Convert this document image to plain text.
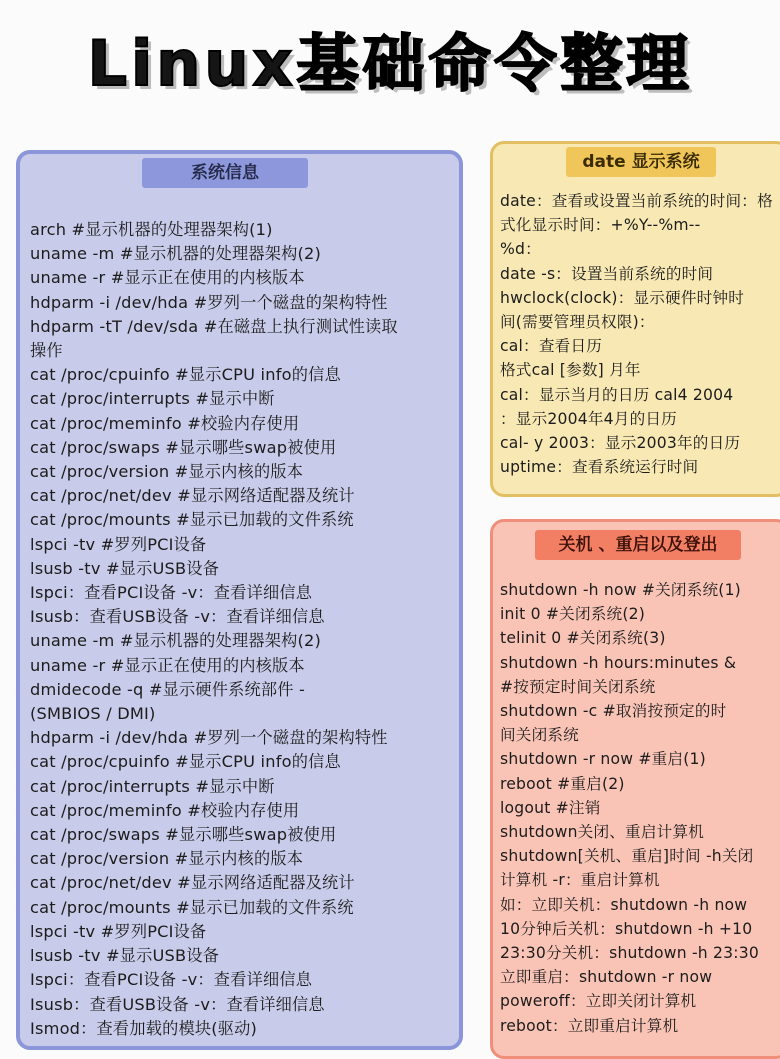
Linux基础命令整理
系统信息
arch #显示机器的处理器架构(1)
uname -m #显示机器的处理器架构(2)
uname -r #显示正在使用的内核版本
hdparm -i /dev/hda #罗列一个磁盘的架构特性
hdparm -tT /dev/sda #在磁盘上执行测试性读取
操作
cat /proc/cpuinfo #显示CPU info的信息
cat /proc/interrupts #显示中断
cat /proc/meminfo #校验内存使用
cat /proc/swaps #显示哪些swap被使用
cat /proc/version #显示内核的版本
cat /proc/net/dev #显示网络适配器及统计
cat /proc/mounts #显示已加载的文件系统
lspci -tv #罗列PCI设备
lsusb -tv #显示USB设备
Ispci：查看PCI设备 -v：查看详细信息
Isusb：查看USB设备 -v：查看详细信息
uname -m #显示机器的处理器架构(2)
uname -r #显示正在使用的内核版本
dmidecode -q #显示硬件系统部件 -
(SMBIOS / DMI)
hdparm -i /dev/hda #罗列一个磁盘的架构特性
cat /proc/cpuinfo #显示CPU info的信息
cat /proc/interrupts #显示中断
cat /proc/meminfo #校验内存使用
cat /proc/swaps #显示哪些swap被使用
cat /proc/version #显示内核的版本
cat /proc/net/dev #显示网络适配器及统计
cat /proc/mounts #显示已加载的文件系统
lspci -tv #罗列PCI设备
lsusb -tv #显示USB设备
Ispci：查看PCI设备 -v：查看详细信息
Isusb：查看USB设备 -v：查看详细信息
Ismod：查看加载的模块(驱动)
date 显示系统
date：查看或设置当前系统的时间：格
式化显示时间：+%Y--%m--
%d：
date -s：设置当前系统的时间
hwclock(clock)：显示硬件时钟时
间(需要管理员权限)：
cal：查看日历
格式cal [参数] 月年
cal：显示当月的日历 cal4 2004
：显示2004年4月的日历
cal- y 2003：显示2003年的日历
uptime：查看系统运行时间
关机 、重启以及登出
shutdown -h now #关闭系统(1)
init 0 #关闭系统(2)
telinit 0 #关闭系统(3)
shutdown -h hours:minutes &
#按预定时间关闭系统
shutdown -c #取消按预定的时
间关闭系统
shutdown -r now #重启(1)
reboot #重启(2)
logout #注销
shutdown关闭、重启计算机
shutdown[关机、重启]时间 -h关闭
计算机 -r：重启计算机
如：立即关机：shutdown -h now
10分钟后关机：shutdown -h +10
23:30分关机：shutdown -h 23:30
立即重启：shutdown -r now
poweroff：立即关闭计算机
reboot：立即重启计算机
